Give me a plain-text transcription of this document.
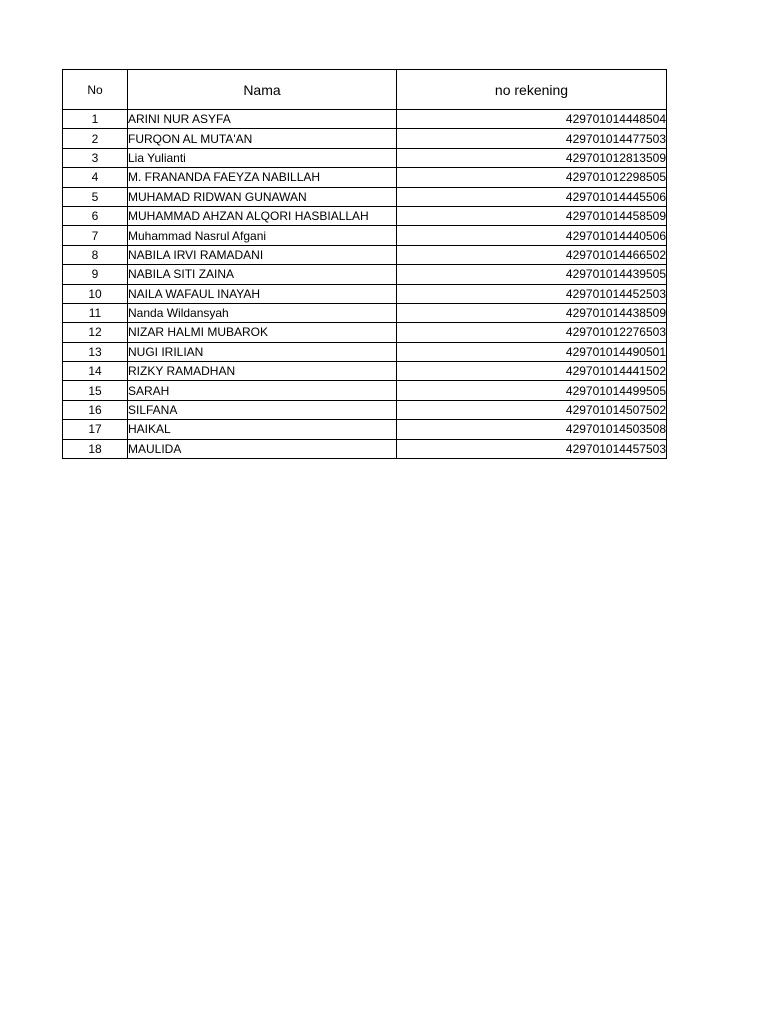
No	Nama	no rekening
1	ARINI NUR ASYFA	429701014448504
2	FURQON AL MUTA'AN	429701014477503
3	Lia Yulianti	429701012813509
4	M. FRANANDA FAEYZA NABILLAH	429701012298505
5	MUHAMAD RIDWAN GUNAWAN	429701014445506
6	MUHAMMAD AHZAN ALQORI HASBIALLAH	429701014458509
7	Muhammad Nasrul Afgani	429701014440506
8	NABILA IRVI RAMADANI	429701014466502
9	NABILA SITI ZAINA	429701014439505
10	NAILA WAFAUL INAYAH	429701014452503
11	Nanda Wildansyah	429701014438509
12	NIZAR HALMI MUBAROK	429701012276503
13	NUGI IRILIAN	429701014490501
14	RIZKY RAMADHAN	429701014441502
15	SARAH	429701014499505
16	SILFANA	429701014507502
17	HAIKAL	429701014503508
18	MAULIDA	429701014457503
